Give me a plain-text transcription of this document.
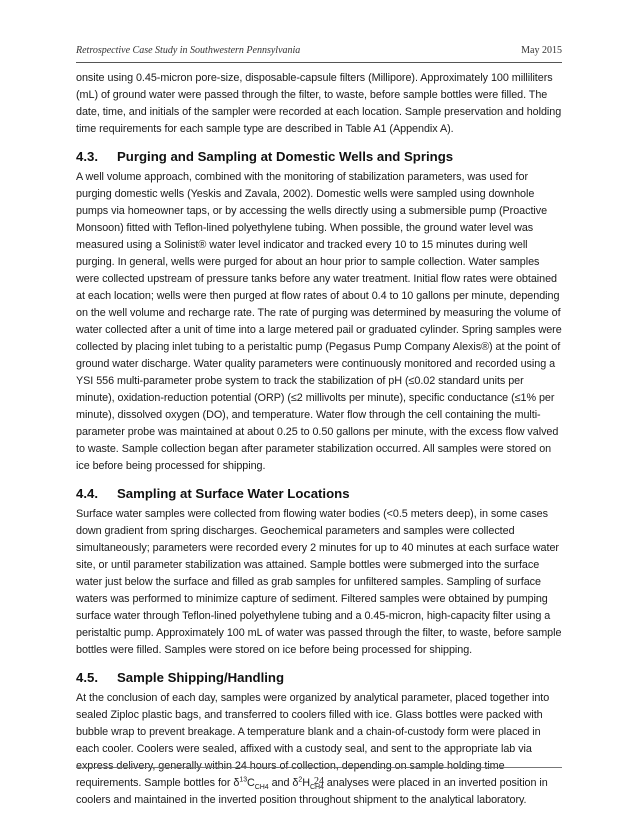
Retrospective Case Study in Southwestern Pennsylvania	May 2015

onsite using 0.45-micron pore-size, disposable-capsule filters (Millipore). Approximately 100 milliliters (mL) of ground water were passed through the filter, to waste, before sample bottles were filled. The date, time, and initials of the sampler were recorded at each location. Sample preservation and holding time requirements for each sample type are described in Table A1 (Appendix A).

4.3. Purging and Sampling at Domestic Wells and Springs

A well volume approach, combined with the monitoring of stabilization parameters, was used for purging domestic wells (Yeskis and Zavala, 2002). Domestic wells were sampled using downhole pumps via homeowner taps, or by accessing the wells directly using a submersible pump (Proactive Monsoon) fitted with Teflon-lined polyethylene tubing. When possible, the ground water level was measured using a Solinist® water level indicator and tracked every 10 to 15 minutes during well purging. In general, wells were purged for about an hour prior to sample collection. Water samples were collected upstream of pressure tanks before any water treatment. Initial flow rates were obtained at each location; wells were then purged at flow rates of about 0.4 to 10 gallons per minute, depending on the well volume and recharge rate. The rate of purging was determined by measuring the volume of water collected after a unit of time into a large metered pail or graduated cylinder. Spring samples were collected by placing inlet tubing to a peristaltic pump (Pegasus Pump Company Alexis®) at the point of ground water discharge. Water quality parameters were continuously monitored and recorded using a YSI 556 multi-parameter probe system to track the stabilization of pH (≤0.02 standard units per minute), oxidation-reduction potential (ORP) (≤2 millivolts per minute), specific conductance (≤1% per minute), dissolved oxygen (DO), and temperature. Water flow through the cell containing the multi-parameter probe was maintained at about 0.25 to 0.50 gallons per minute, with the excess flow valved to waste. Sample collection began after parameter stabilization occurred. All samples were stored on ice before being processed for shipping.

4.4. Sampling at Surface Water Locations

Surface water samples were collected from flowing water bodies (<0.5 meters deep), in some cases down gradient from spring discharges. Geochemical parameters and samples were collected simultaneously; parameters were recorded every 2 minutes for up to 40 minutes at each surface water site, or until parameter stabilization was attained. Sample bottles were submerged into the surface water just below the surface and filled as grab samples for unfiltered samples. Sampling of surface waters was performed to minimize capture of sediment. Filtered samples were obtained by pumping surface water through Teflon-lined polyethylene tubing and a 0.45-micron, high-capacity filter using a peristaltic pump. Approximately 100 mL of water was passed through the filter, to waste, before sample bottles were filled. Samples were stored on ice before being processed for shipping.

4.5. Sample Shipping/Handling

At the conclusion of each day, samples were organized by analytical parameter, placed together into sealed Ziploc plastic bags, and transferred to coolers filled with ice. Glass bottles were packed with bubble wrap to prevent breakage. A temperature blank and a chain-of-custody form were placed in each cooler. Coolers were sealed, affixed with a custody seal, and sent to the appropriate lab via express delivery, generally within 24 hours of collection, depending on sample holding time requirements. Sample bottles for $\delta^{13}C_{CH4}$ and $\delta^2H_{CH4}$ analyses were placed in an inverted position in coolers and maintained in the inverted position throughout shipment to the analytical laboratory.

24
